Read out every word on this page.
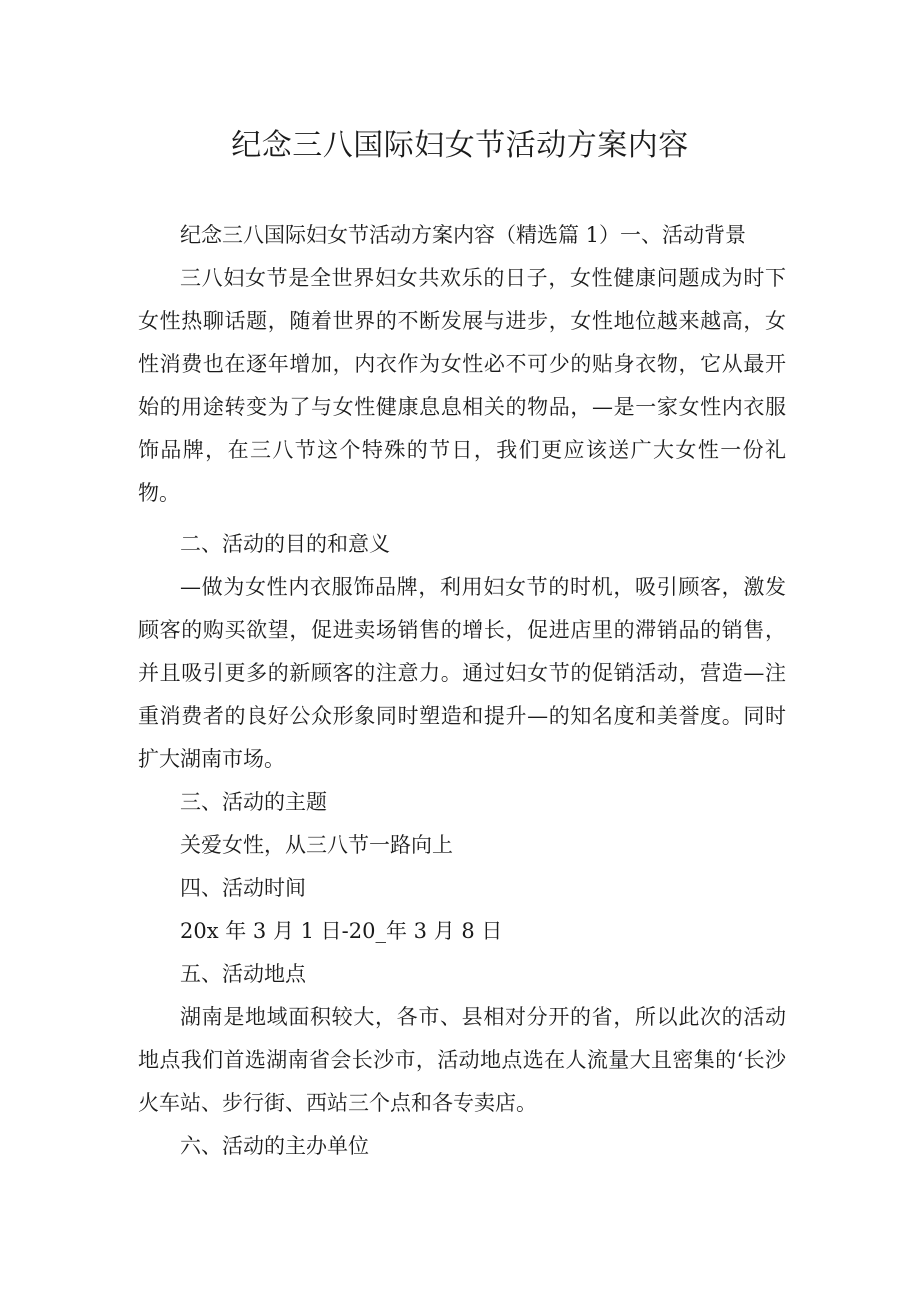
纪念三八国际妇女节活动方案内容

纪念三八国际妇女节活动方案内容（精选篇 1）一、活动背景

三八妇女节是全世界妇女共欢乐的日子，女性健康问题成为时下女性热聊话题，随着世界的不断发展与进步，女性地位越来越高，女性消费也在逐年增加，内衣作为女性必不可少的贴身衣物，它从最开始的用途转变为了与女性健康息息相关的物品，—是一家女性内衣服饰品牌，在三八节这个特殊的节日，我们更应该送广大女性一份礼物。

二、活动的目的和意义

—做为女性内衣服饰品牌，利用妇女节的时机，吸引顾客，激发顾客的购买欲望，促进卖场销售的增长，促进店里的滞销品的销售，并且吸引更多的新顾客的注意力。通过妇女节的促销活动，营造—注重消费者的良好公众形象同时塑造和提升—的知名度和美誉度。同时扩大湖南市场。

三、活动的主题

关爱女性，从三八节一路向上

四、活动时间

20x 年 3 月 1 日-20_年 3 月 8 日

五、活动地点

湖南是地域面积较大，各市、县相对分开的省，所以此次的活动地点我们首选湖南省会长沙市，活动地点选在人流量大且密集的‘长沙火车站、步行街、西站三个点和各专卖店。

六、活动的主办单位
